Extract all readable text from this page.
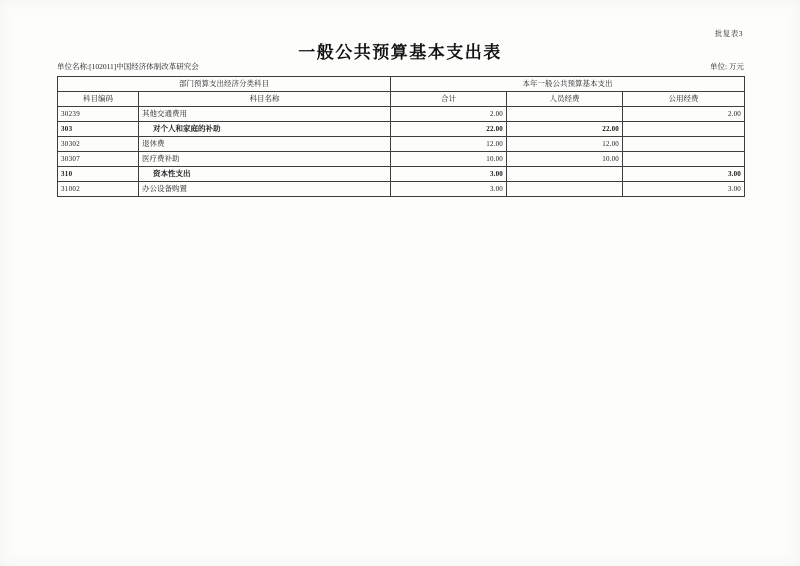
批复表3
一般公共预算基本支出表
单位名称:[102011]中国经济体制改革研究会	单位: 万元
部门预算支出经济分类科目		本年一般公共预算基本支出		
科目编码	科目名称	合计	人员经费	公用经费
30239	其他交通费用	2.00		2.00
303	对个人和家庭的补助	22.00	22.00	
30302	退休费	12.00	12.00	
30307	医疗费补助	10.00	10.00	
310	资本性支出	3.00		3.00
31002	办公设备购置	3.00		3.00
